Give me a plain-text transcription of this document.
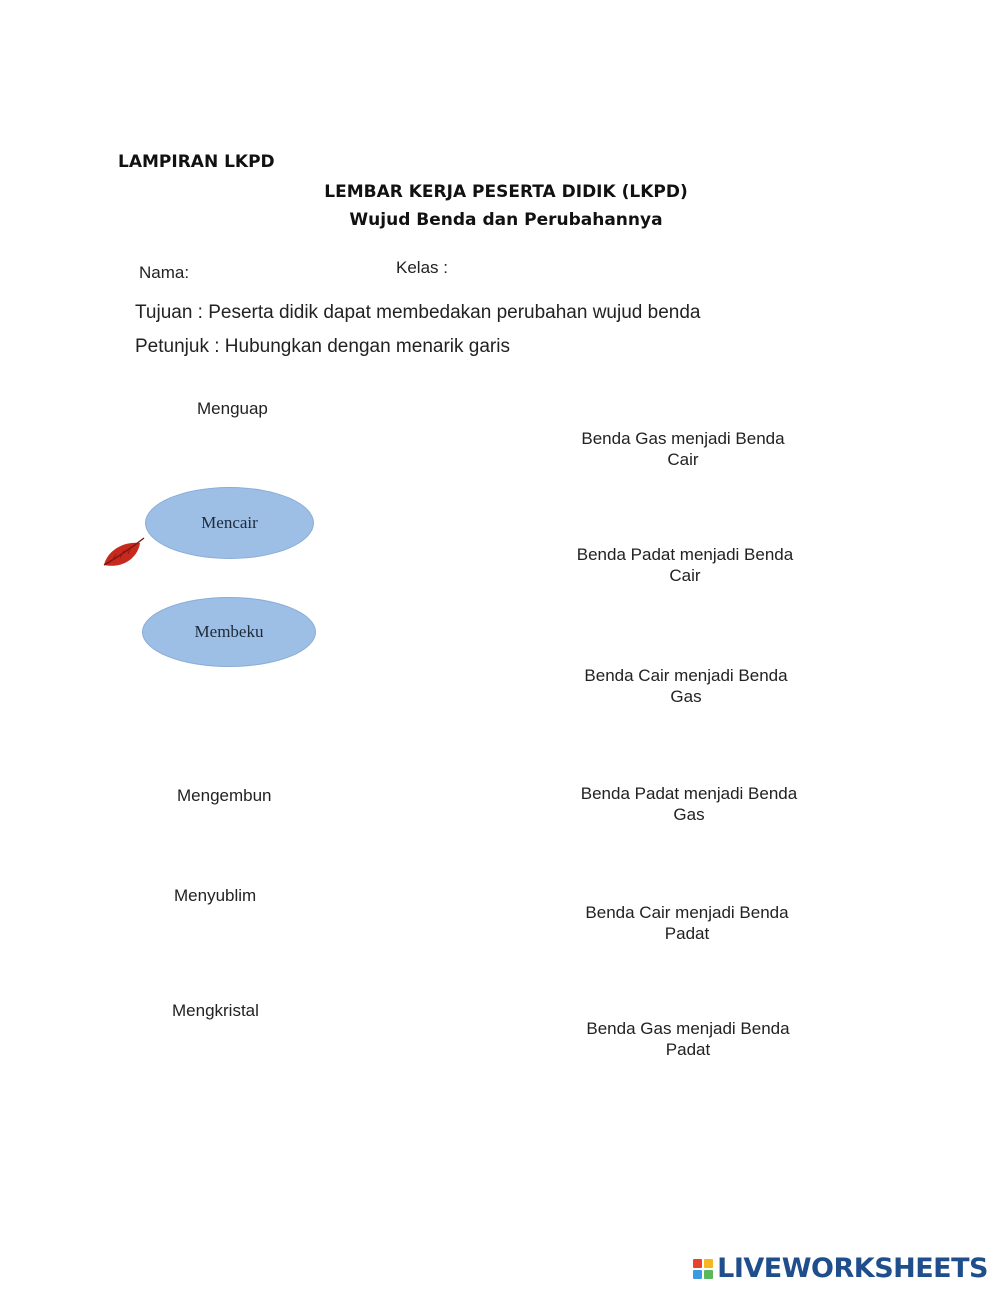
LAMPIRAN LKPD
LEMBAR KERJA PESERTA DIDIK (LKPD)
Wujud Benda dan Perubahannya
Nama:	Kelas :
Tujuan : Peserta didik dapat membedakan perubahan wujud benda
Petunjuk : Hubungkan dengan menarik garis
Menguap
Mencair
Membeku
Mengembun
Menyublim
Mengkristal
Benda Gas menjadi Benda
Cair
Benda Padat menjadi Benda
Cair
Benda Cair menjadi Benda
Gas
Benda Padat menjadi Benda
Gas
Benda Cair menjadi Benda
Padat
Benda Gas menjadi Benda
Padat
LIVEWORKSHEETS
